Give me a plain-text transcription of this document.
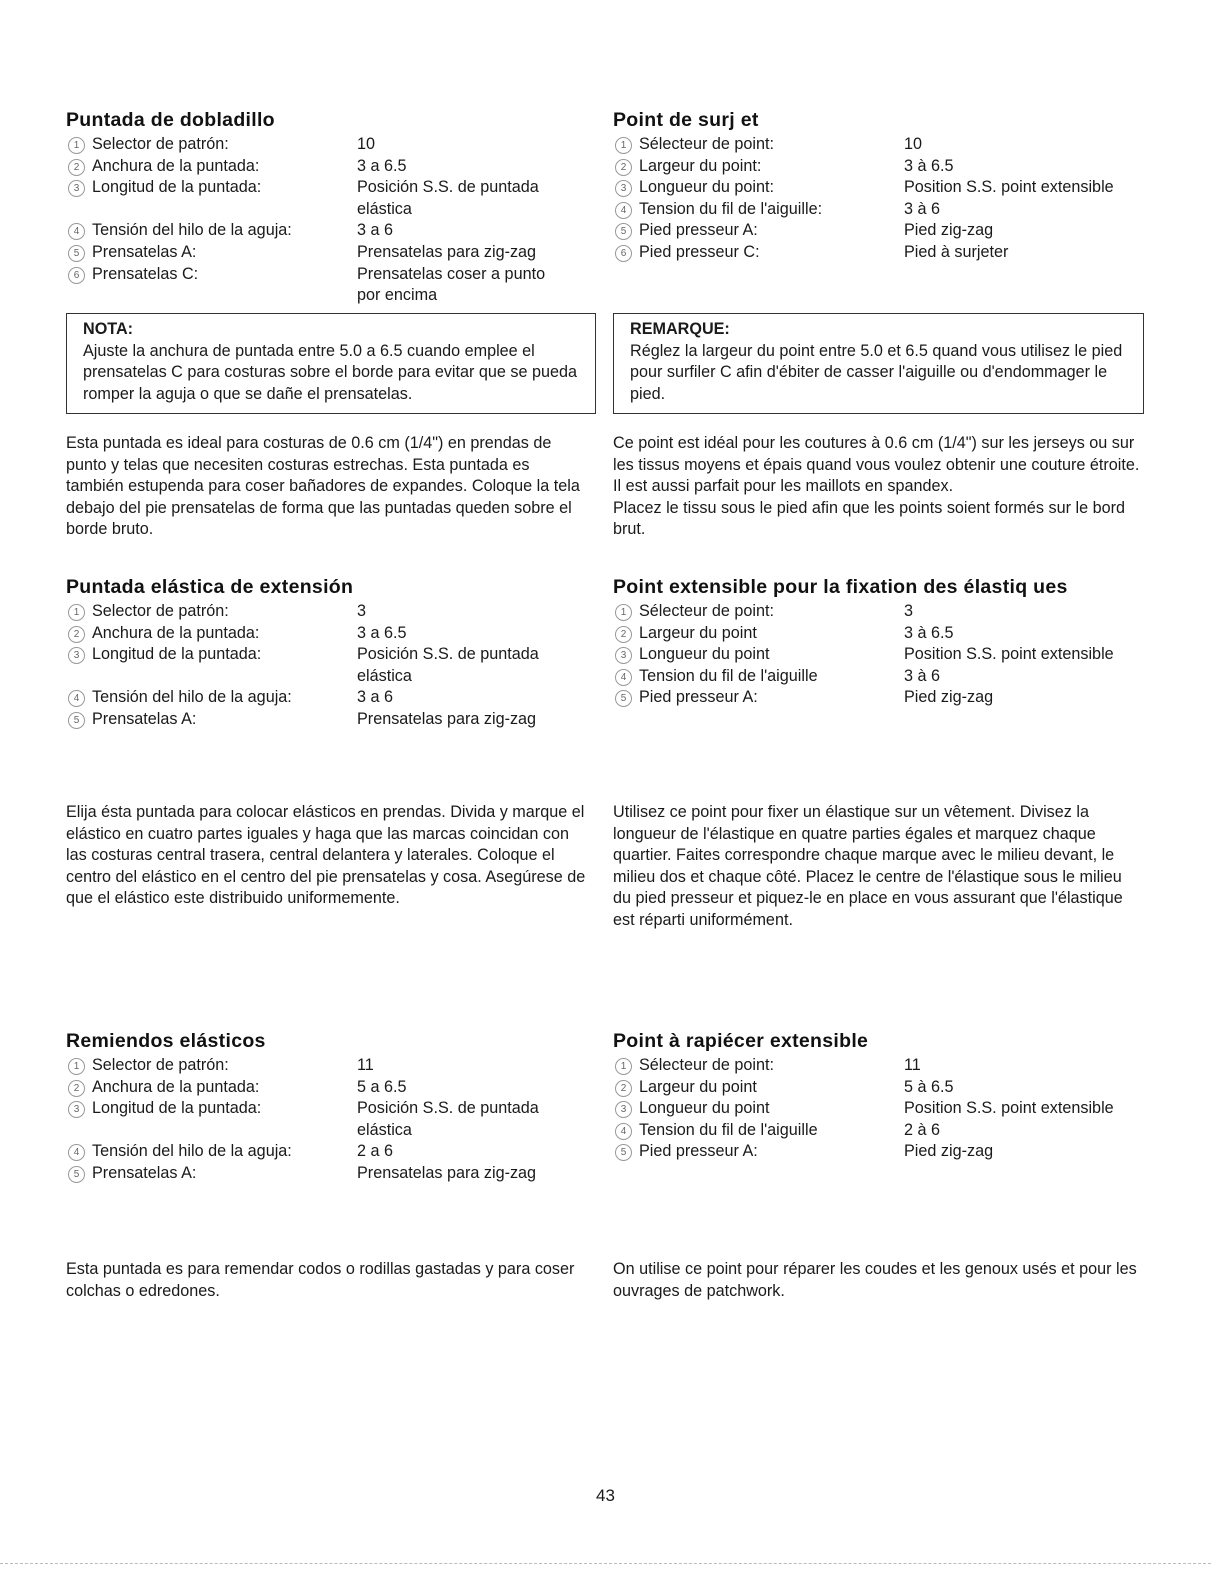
Puntada de dobladillo
1 Selector de patrón:	10
2 Anchura de la puntada:	3 a 6.5
3 Longitud de la puntada:	Posición S.S. de puntada elástica
4 Tensión del hilo de la aguja:	3 a 6
5 Prensatelas A:	Prensatelas para zig-zag
6 Prensatelas C:	Prensatelas coser a punto por encima
Point de surj et
1 Sélecteur de point:	10
2 Largeur du point:	3 à 6.5
3 Longueur du point:	Position S.S. point extensible
4 Tension du fil de l'aiguille:	3 à 6
5 Pied presseur A:	Pied zig-zag
6 Pied presseur C:	Pied à surjeter
NOTA:
Ajuste la anchura de puntada entre 5.0 a 6.5 cuando emplee el prensatelas C para costuras sobre el borde para evitar que se pueda romper la aguja o que se dañe el prensatelas.
REMARQUE:
Réglez la largeur du point entre 5.0 et 6.5 quand vous utilisez le pied pour surfiler C afin d'ébiter de casser l'aiguille ou d'endommager le pied.
Esta puntada es ideal para costuras de 0.6 cm (1/4") en prendas de punto y telas que necesiten costuras estrechas. Esta puntada es también estupenda para coser bañadores de expandes. Coloque la tela debajo del pie prensatelas de forma que las puntadas queden sobre el borde bruto.
Ce point est idéal pour les coutures à 0.6 cm (1/4") sur les jerseys ou sur les tissus moyens et épais quand vous voulez obtenir une couture étroite.
Il est aussi parfait pour les maillots en spandex.
Placez le tissu sous le pied afin que les points soient formés sur le bord brut.
Puntada elástica de extensión
1 Selector de patrón:	3
2 Anchura de la puntada:	3 a 6.5
3 Longitud de la puntada:	Posición S.S. de puntada elástica
4 Tensión del hilo de la aguja:	3 a 6
5 Prensatelas A:	Prensatelas para zig-zag
Point extensible pour la fixation des élastiq ues
1 Sélecteur de point:	3
2 Largeur du point	3 à 6.5
3 Longueur du point	Position S.S. point extensible
4 Tension du fil de l'aiguille	3 à 6
5 Pied presseur A:	Pied zig-zag
Elija ésta puntada para colocar elásticos en prendas. Divida y marque el elástico en cuatro partes iguales y haga que las marcas coincidan con las costuras central trasera, central delantera y laterales. Coloque el centro del elástico en el centro del pie prensatelas y cosa. Asegúrese de que el elástico este distribuido uniformemente.
Utilisez ce point pour fixer un élastique sur un vêtement. Divisez la longueur de l'élastique en quatre parties égales et marquez chaque quartier. Faites correspondre chaque marque avec le milieu devant, le milieu dos et chaque côté. Placez le centre de l'élastique sous le milieu du pied presseur et piquez-le en place en vous assurant que l'élastique est réparti uniformément.
Remiendos elásticos
1 Selector de patrón:	11
2 Anchura de la puntada:	5 a 6.5
3 Longitud de la puntada:	Posición S.S. de puntada elástica
4 Tensión del hilo de la aguja:	2 a 6
5 Prensatelas A:	Prensatelas para zig-zag
Point à rapiécer extensible
1 Sélecteur de point:	11
2 Largeur du point	5 à 6.5
3 Longueur du point	Position S.S. point extensible
4 Tension du fil de l'aiguille	2 à 6
5 Pied presseur A:	Pied zig-zag
Esta puntada es para remendar codos o rodillas gastadas y para coser colchas o edredones.
On utilise ce point pour réparer les coudes et les genoux usés et pour les ouvrages de patchwork.
43
